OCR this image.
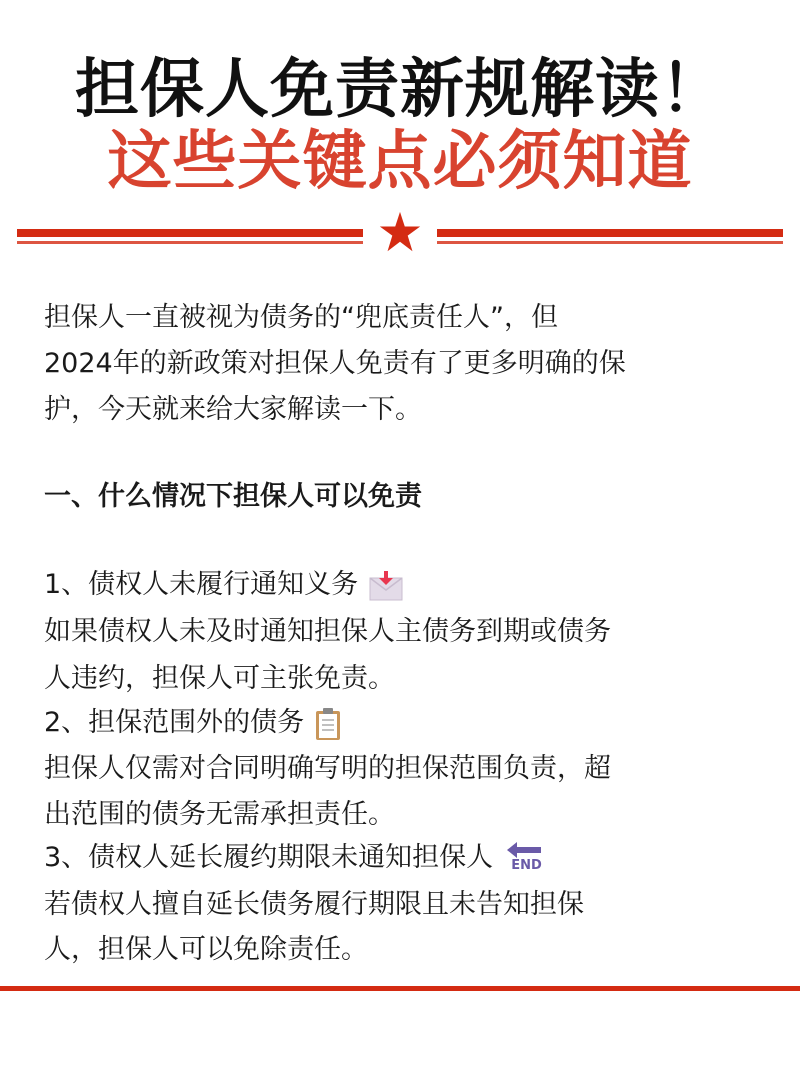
担保人免责新规解读！
这些关键点必须知道
担保人一直被视为债务的“兜底责任人”，但
2024年的新政策对担保人免责有了更多明确的保
护，今天就来给大家解读一下。
一、什么情况下担保人可以免责
1、债权人未履行通知义务
如果债权人未及时通知担保人主债务到期或债务
人违约，担保人可主张免责。
2、担保范围外的债务
担保人仅需对合同明确写明的担保范围负责，超
出范围的债务无需承担责任。
3、债权人延长履约期限未通知担保人 END
若债权人擅自延长债务履行期限且未告知担保
人，担保人可以免除责任。
